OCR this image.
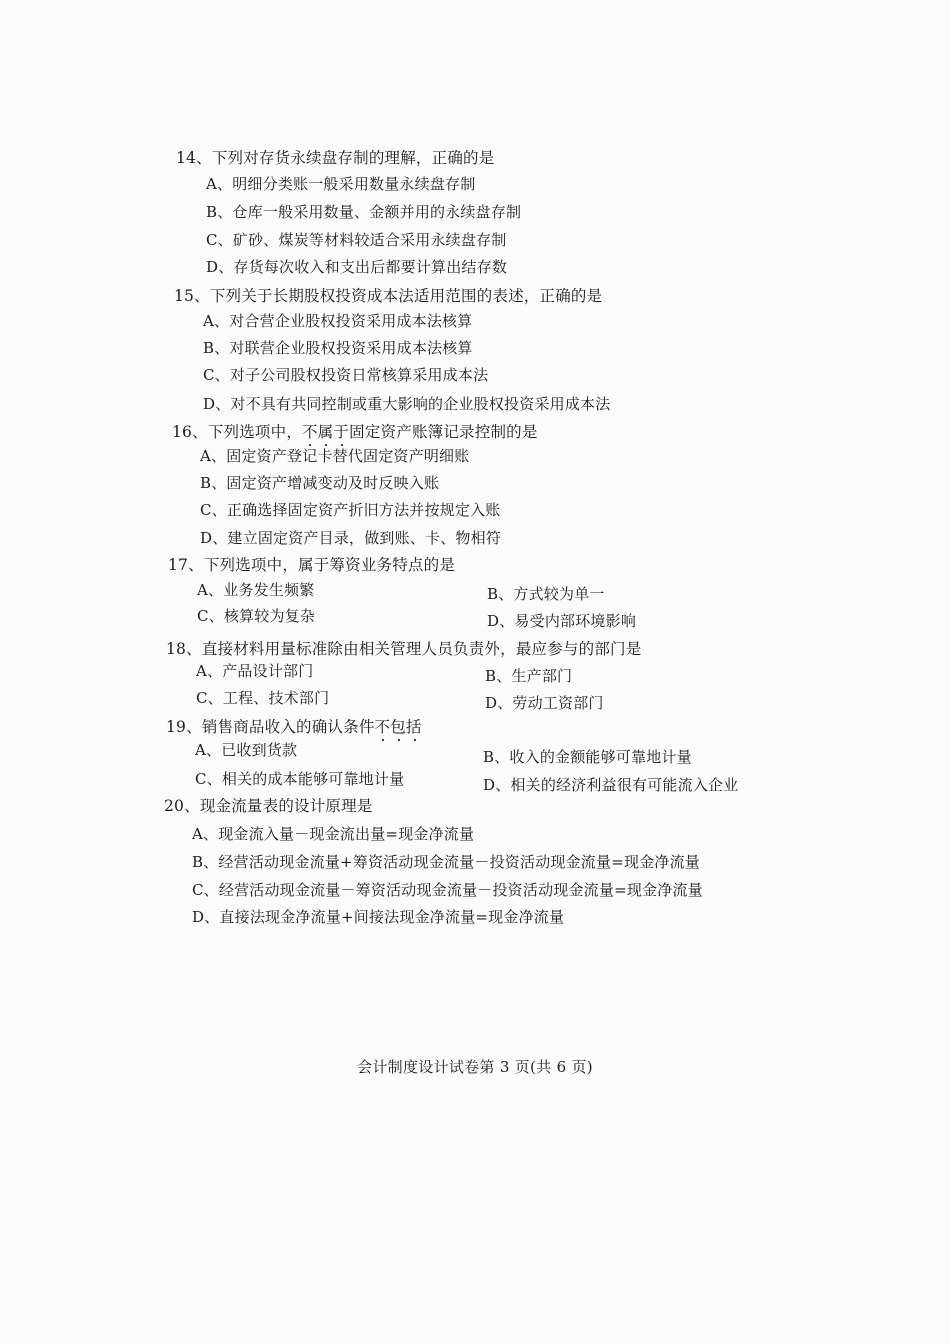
14、下列对存货永续盘存制的理解，正确的是
A、明细分类账一般采用数量永续盘存制
B、仓库一般采用数量、金额并用的永续盘存制
C、矿砂、煤炭等材料较适合采用永续盘存制
D、存货每次收入和支出后都要计算出结存数
15、下列关于长期股权投资成本法适用范围的表述，正确的是
A、对合营企业股权投资采用成本法核算
B、对联营企业股权投资采用成本法核算
C、对子公司股权投资日常核算采用成本法
D、对不具有共同控制或重大影响的企业股权投资采用成本法
16、下列选项中，不属于固定资产账簿记录控制的是
A、固定资产登记卡替代固定资产明细账
B、固定资产增减变动及时反映入账
C、正确选择固定资产折旧方法并按规定入账
D、建立固定资产目录，做到账、卡、物相符
17、下列选项中，属于筹资业务特点的是
A、业务发生频繁	B、方式较为单一
C、核算较为复杂	D、易受内部环境影响
18、直接材料用量标准除由相关管理人员负责外，最应参与的部门是
A、产品设计部门	B、生产部门
C、工程、技术部门	D、劳动工资部门
19、销售商品收入的确认条件不包括
A、已收到货款	B、收入的金额能够可靠地计量
C、相关的成本能够可靠地计量	D、相关的经济利益很有可能流入企业
20、现金流量表的设计原理是
A、现金流入量－现金流出量=现金净流量
B、经营活动现金流量+筹资活动现金流量－投资活动现金流量=现金净流量
C、经营活动现金流量－筹资活动现金流量－投资活动现金流量=现金净流量
D、直接法现金净流量+间接法现金净流量=现金净流量
会计制度设计试卷第 3 页(共 6 页)
